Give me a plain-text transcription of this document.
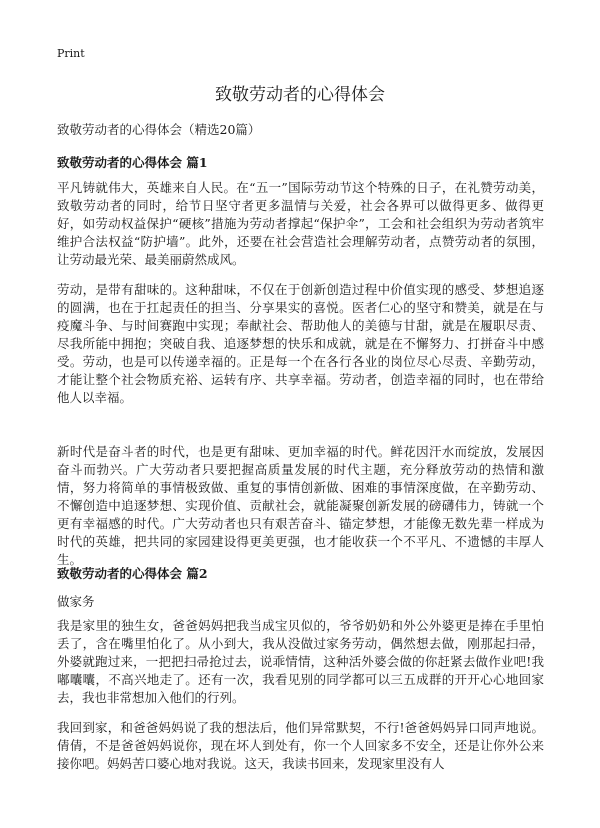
Print

致敬劳动者的心得体会

致敬劳动者的心得体会（精选20篇）

致敬劳动者的心得体会 篇1

平凡铸就伟大，英雄来自人民。在“五一”国际劳动节这个特殊的日子，在礼赞劳动美，致敬劳动者的同时，给节日坚守者更多温情与关爱，社会各界可以做得更多、做得更好，如劳动权益保护“硬核”措施为劳动者撑起“保护伞”，工会和社会组织为劳动者筑牢维护合法权益“防护墙”。此外，还要在社会营造社会理解劳动者，点赞劳动者的氛围，让劳动最光荣、最美丽蔚然成风。

劳动，是带有甜味的。这种甜味，不仅在于创新创造过程中价值实现的感受、梦想追逐的圆满，也在于扛起责任的担当、分享果实的喜悦。医者仁心的坚守和赞美，就是在与疫魔斗争、与时间赛跑中实现；奉献社会、帮助他人的美德与甘甜，就是在履职尽责、尽我所能中拥抱；突破自我、追逐梦想的快乐和成就，就是在不懈努力、打拼奋斗中感受。劳动，也是可以传递幸福的。正是每一个在各行各业的岗位尽心尽责、辛勤劳动，才能让整个社会物质充裕、运转有序、共享幸福。劳动者，创造幸福的同时，也在带给他人以幸福。

新时代是奋斗者的时代，也是更有甜味、更加幸福的时代。鲜花因汗水而绽放，发展因奋斗而勃兴。广大劳动者只要把握高质量发展的时代主题，充分释放劳动的热情和激情，努力将简单的事情极致做、重复的事情创新做、困难的事情深度做，在辛勤劳动、不懈创造中追逐梦想、实现价值、贡献社会，就能凝聚创新发展的磅礴伟力，铸就一个更有幸福感的时代。广大劳动者也只有艰苦奋斗、锚定梦想，才能像无数先辈一样成为时代的英雄，把共同的家园建设得更美更强，也才能收获一个不平凡、不遗憾的丰厚人生。

致敬劳动者的心得体会 篇2

做家务

我是家里的独生女，爸爸妈妈把我当成宝贝似的，爷爷奶奶和外公外婆更是捧在手里怕丢了，含在嘴里怕化了。从小到大，我从没做过家务劳动，偶然想去做，刚那起扫帚，外婆就跑过来，一把把扫帚抢过去，说乖情情，这种活外婆会做的你赶紧去做作业吧!我嘟囔囔，不高兴地走了。还有一次，我看见别的同学都可以三五成群的开开心心地回家去，我也非常想加入他们的行列。

我回到家，和爸爸妈妈说了我的想法后，他们异常默契，不行!爸爸妈妈异口同声地说。倩倩，不是爸爸妈妈说你，现在坏人到处有，你一个人回家多不安全，还是让你外公来接你吧。妈妈苦口婆心地对我说。这天，我读书回来，发现家里没有人
